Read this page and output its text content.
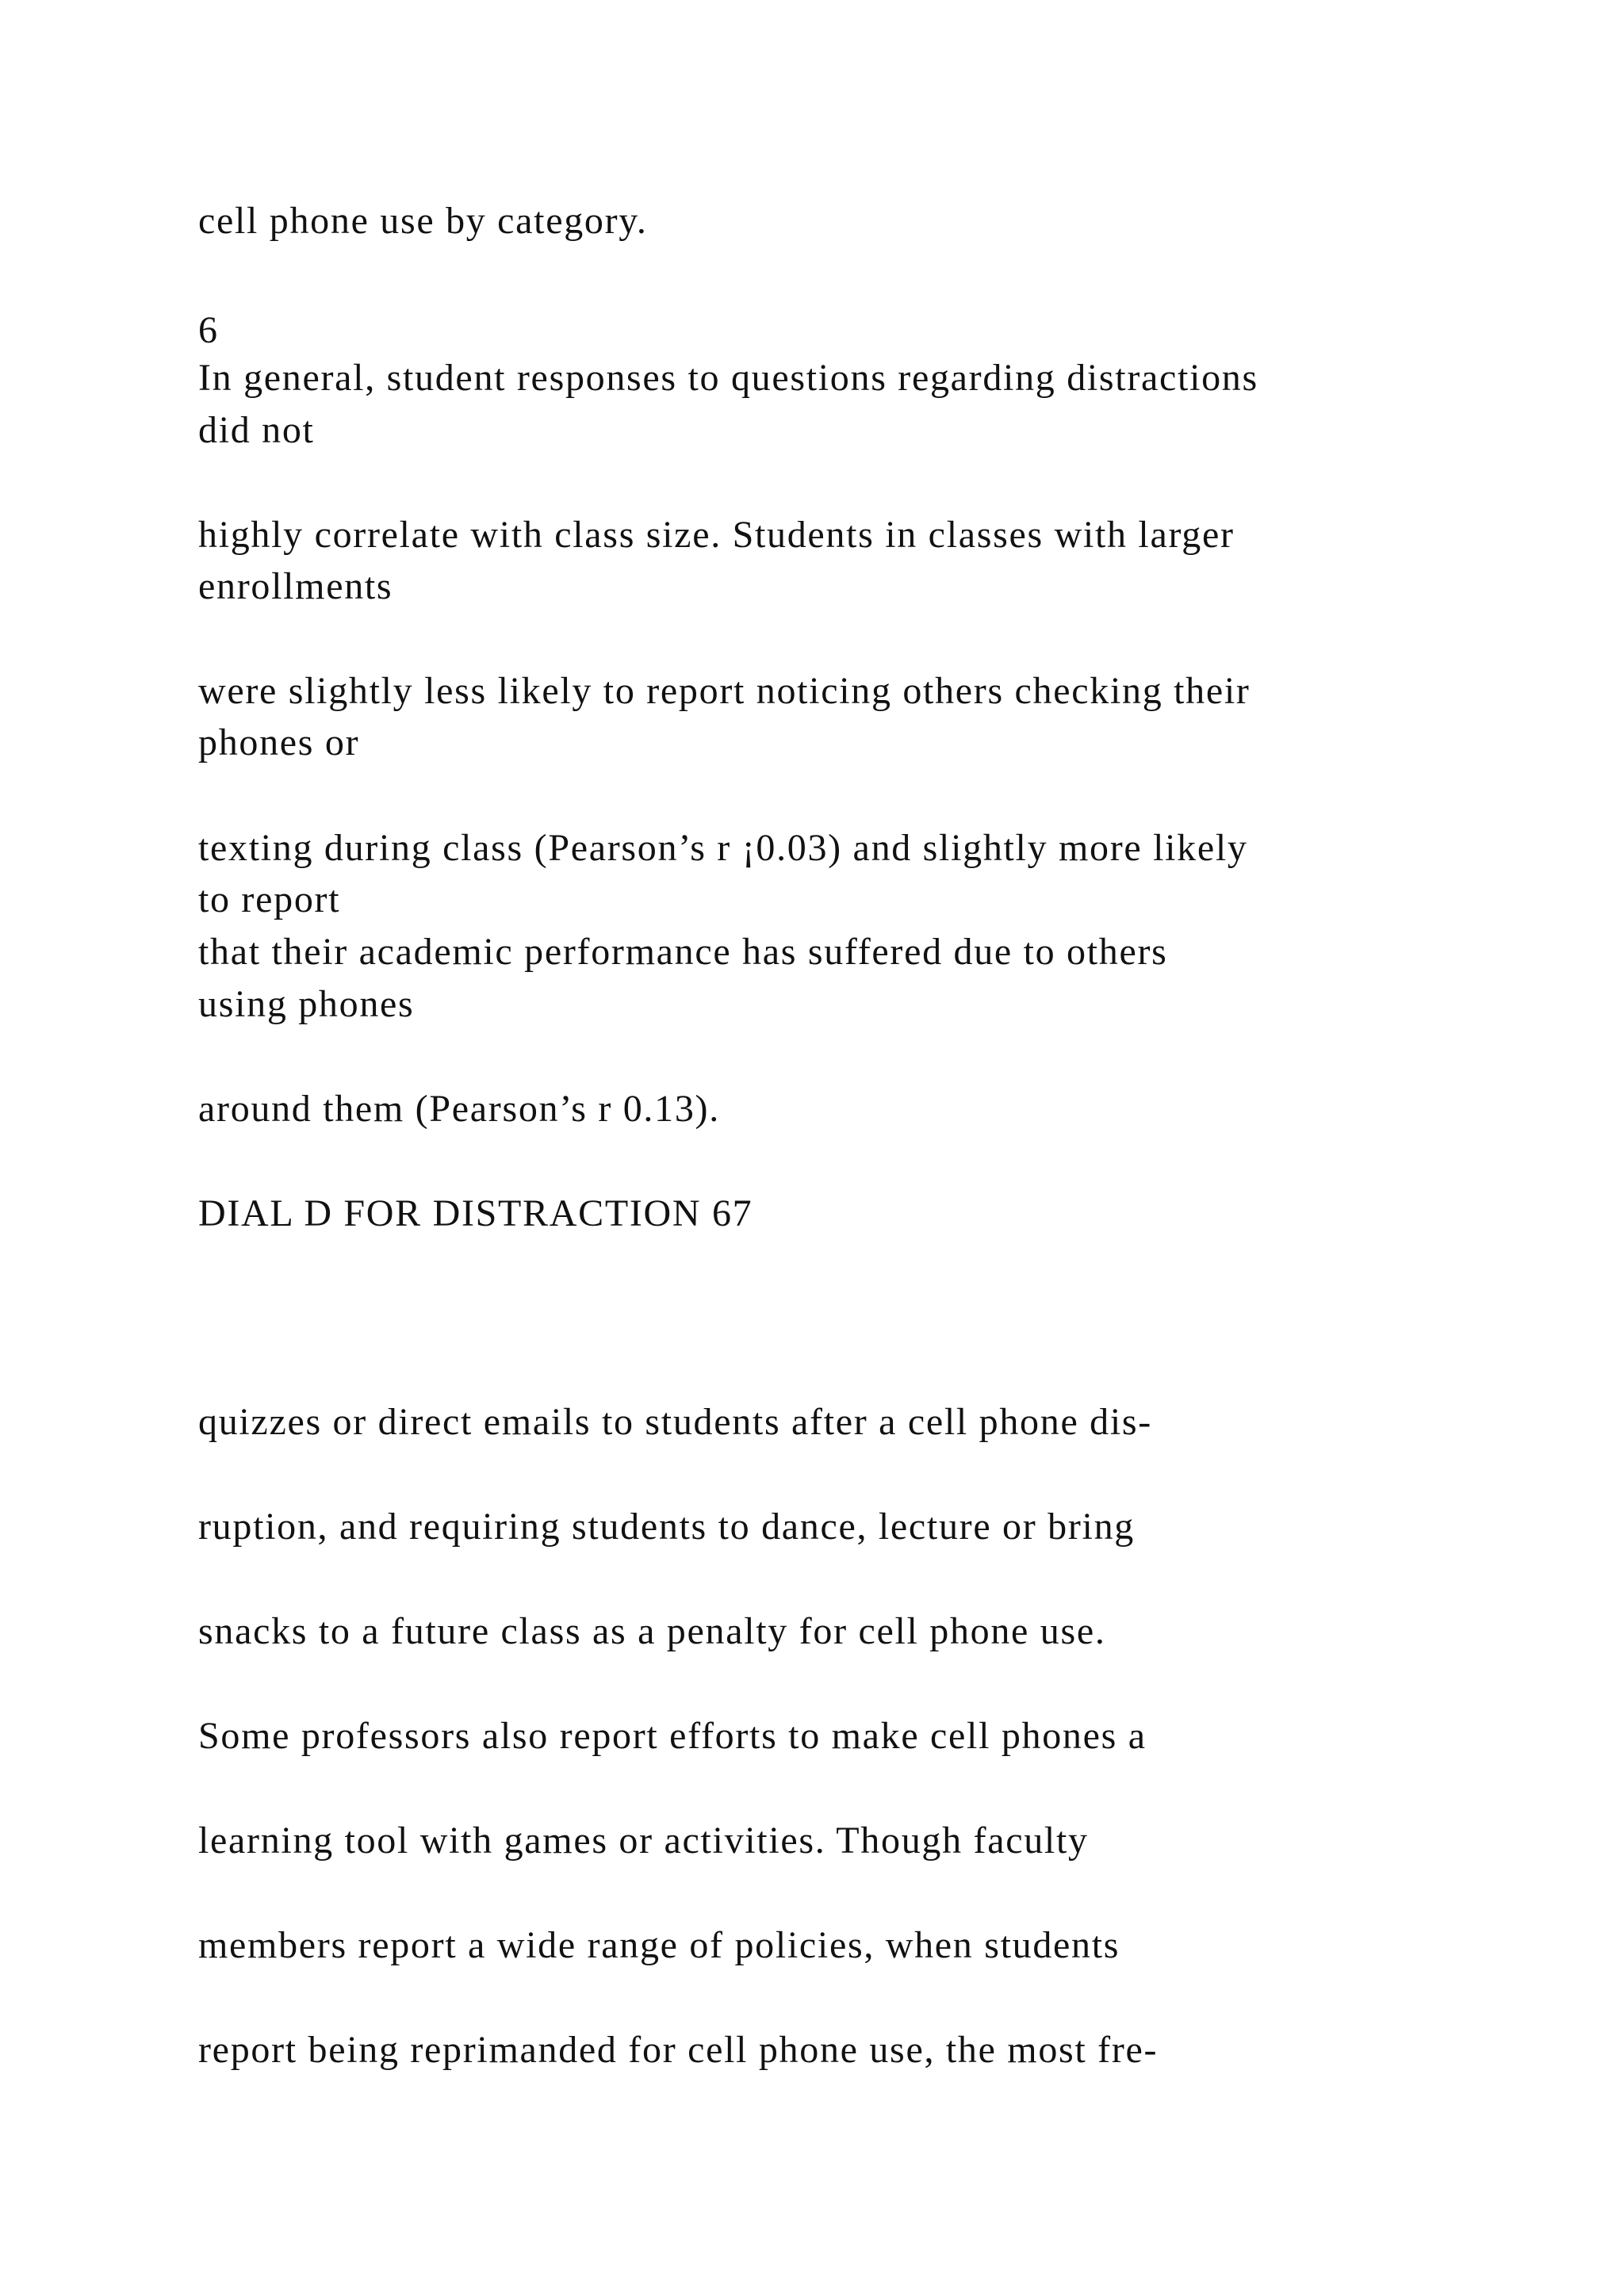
cell phone use by category.
6
In general, student responses to questions regarding distractions
did not
highly correlate with class size. Students in classes with larger
enrollments
were slightly less likely to report noticing others checking their
phones or
texting during class (Pearson’s r ¡0.03) and slightly more likely
to report
that their academic performance has suffered due to others
using phones
around them (Pearson’s r 0.13).
DIAL D FOR DISTRACTION 67
quizzes or direct emails to students after a cell phone dis-
ruption, and requiring students to dance, lecture or bring
snacks to a future class as a penalty for cell phone use.
Some professors also report efforts to make cell phones a
learning tool with games or activities. Though faculty
members report a wide range of policies, when students
report being reprimanded for cell phone use, the most fre-
